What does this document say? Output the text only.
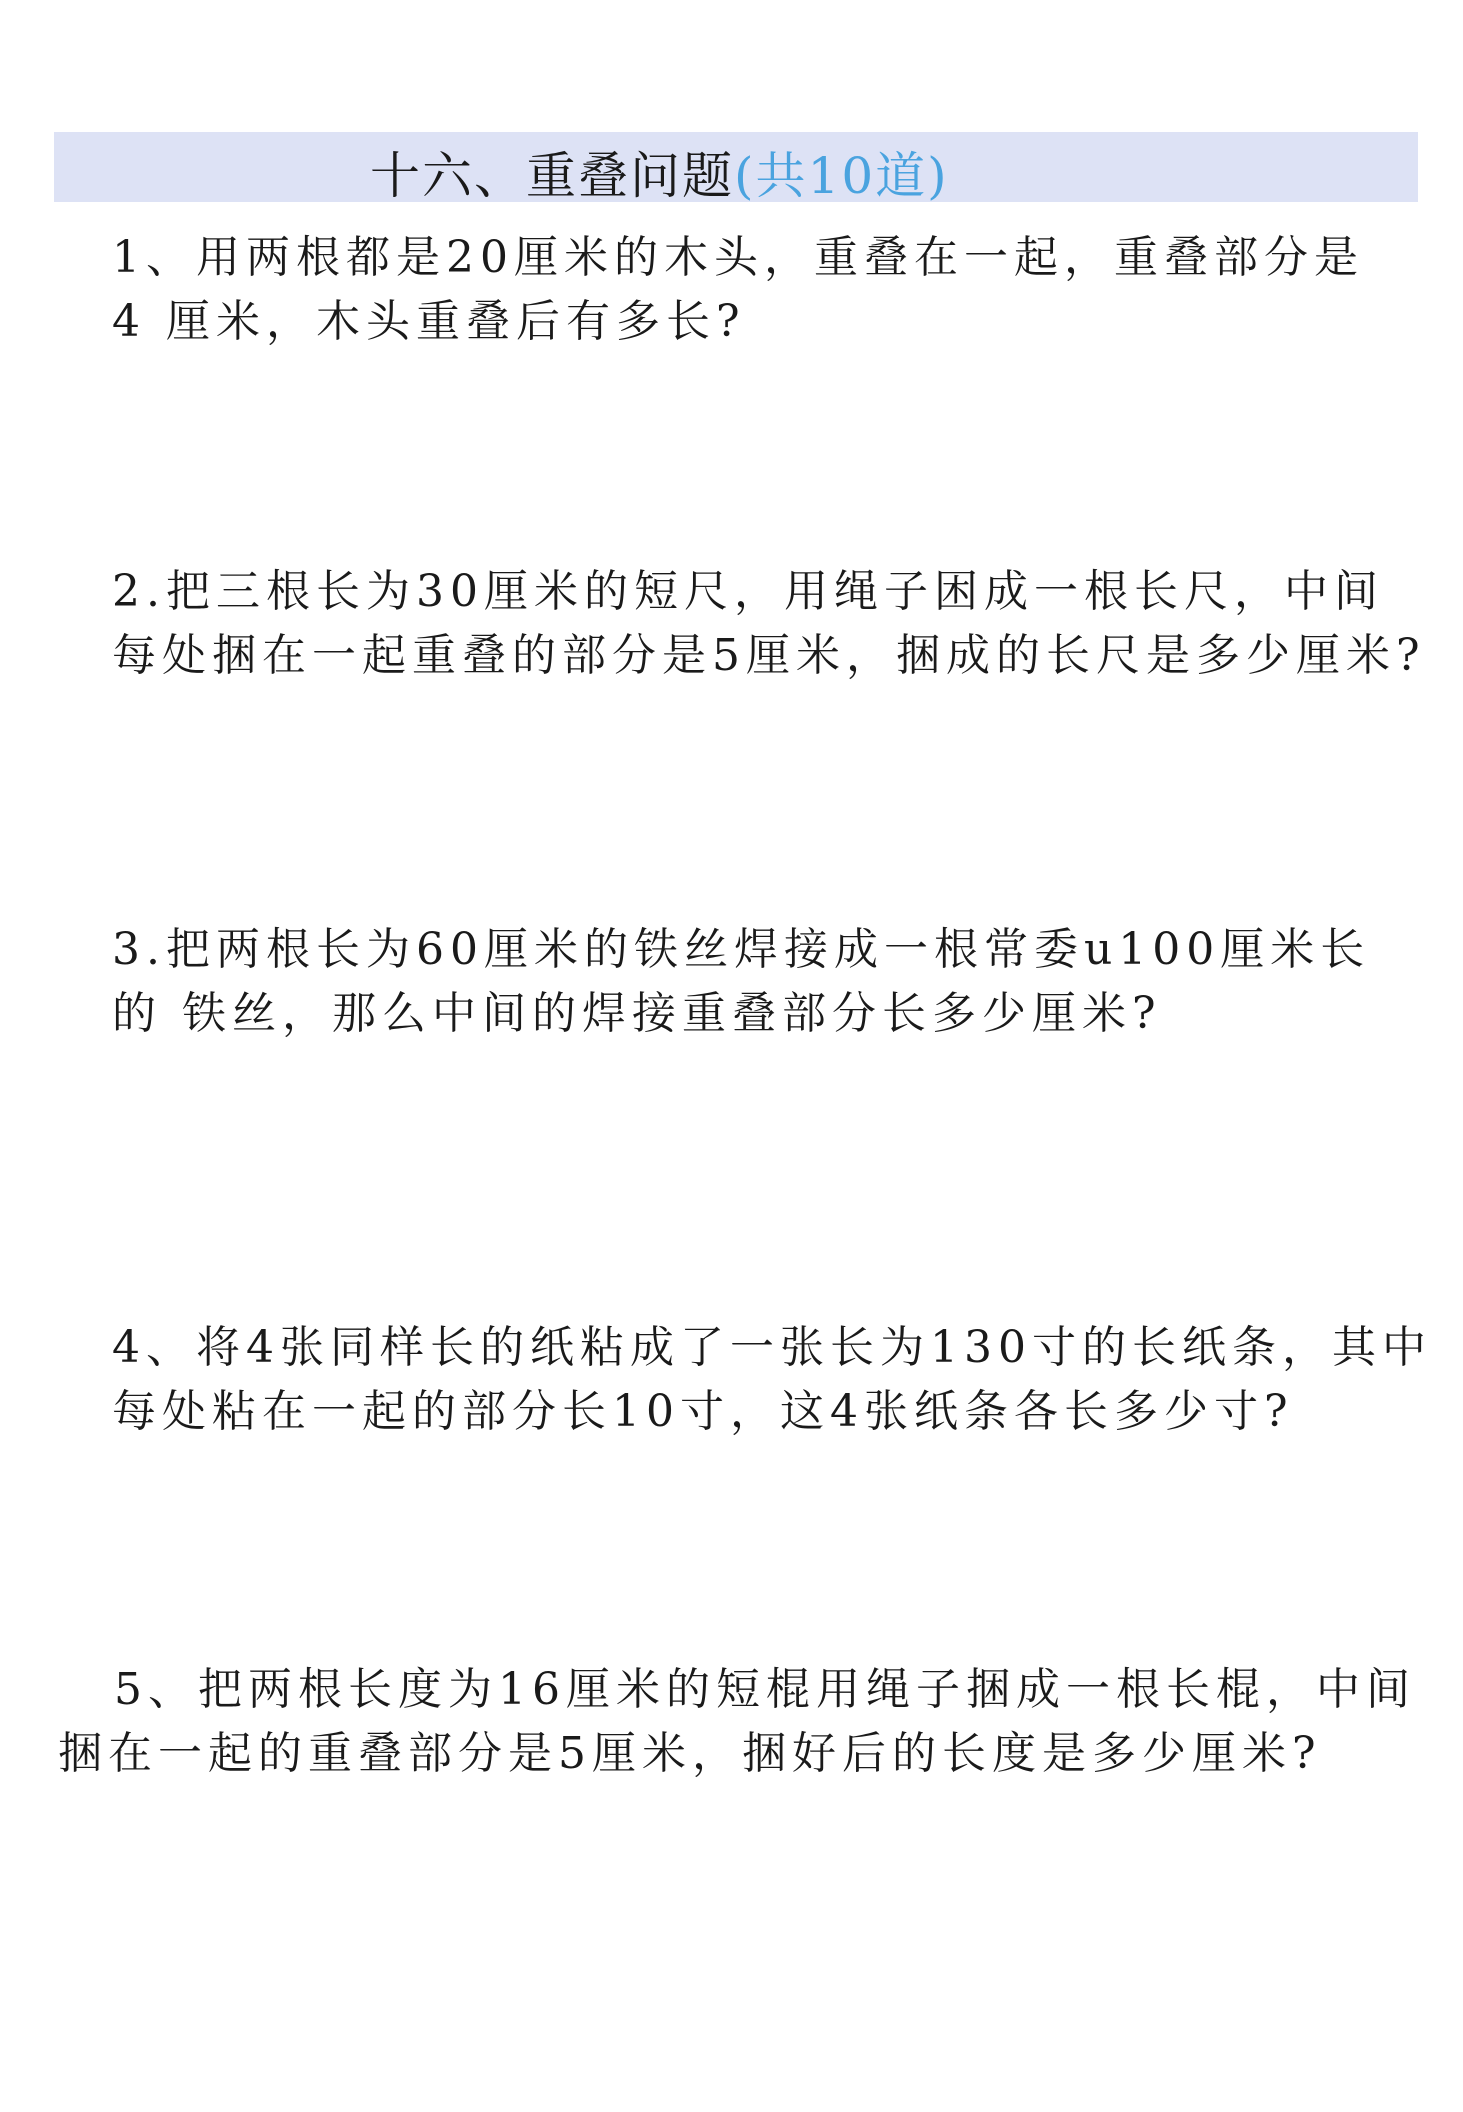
十六、重叠问题(共10道)
1、用两根都是20厘米的木头，重叠在一起，重叠部分是
4 厘米，木头重叠后有多长?
2.把三根长为30厘米的短尺，用绳子困成一根长尺，中间
每处捆在一起重叠的部分是5厘米，捆成的长尺是多少厘米?
3.把两根长为60厘米的铁丝焊接成一根常委u100厘米长
的 铁丝，那么中间的焊接重叠部分长多少厘米?
4、将4张同样长的纸粘成了一张长为130寸的长纸条，其中
每处粘在一起的部分长10寸，这4张纸条各长多少寸?
5、把两根长度为16厘米的短棍用绳子捆成一根长棍，中间
捆在一起的重叠部分是5厘米，捆好后的长度是多少厘米?
